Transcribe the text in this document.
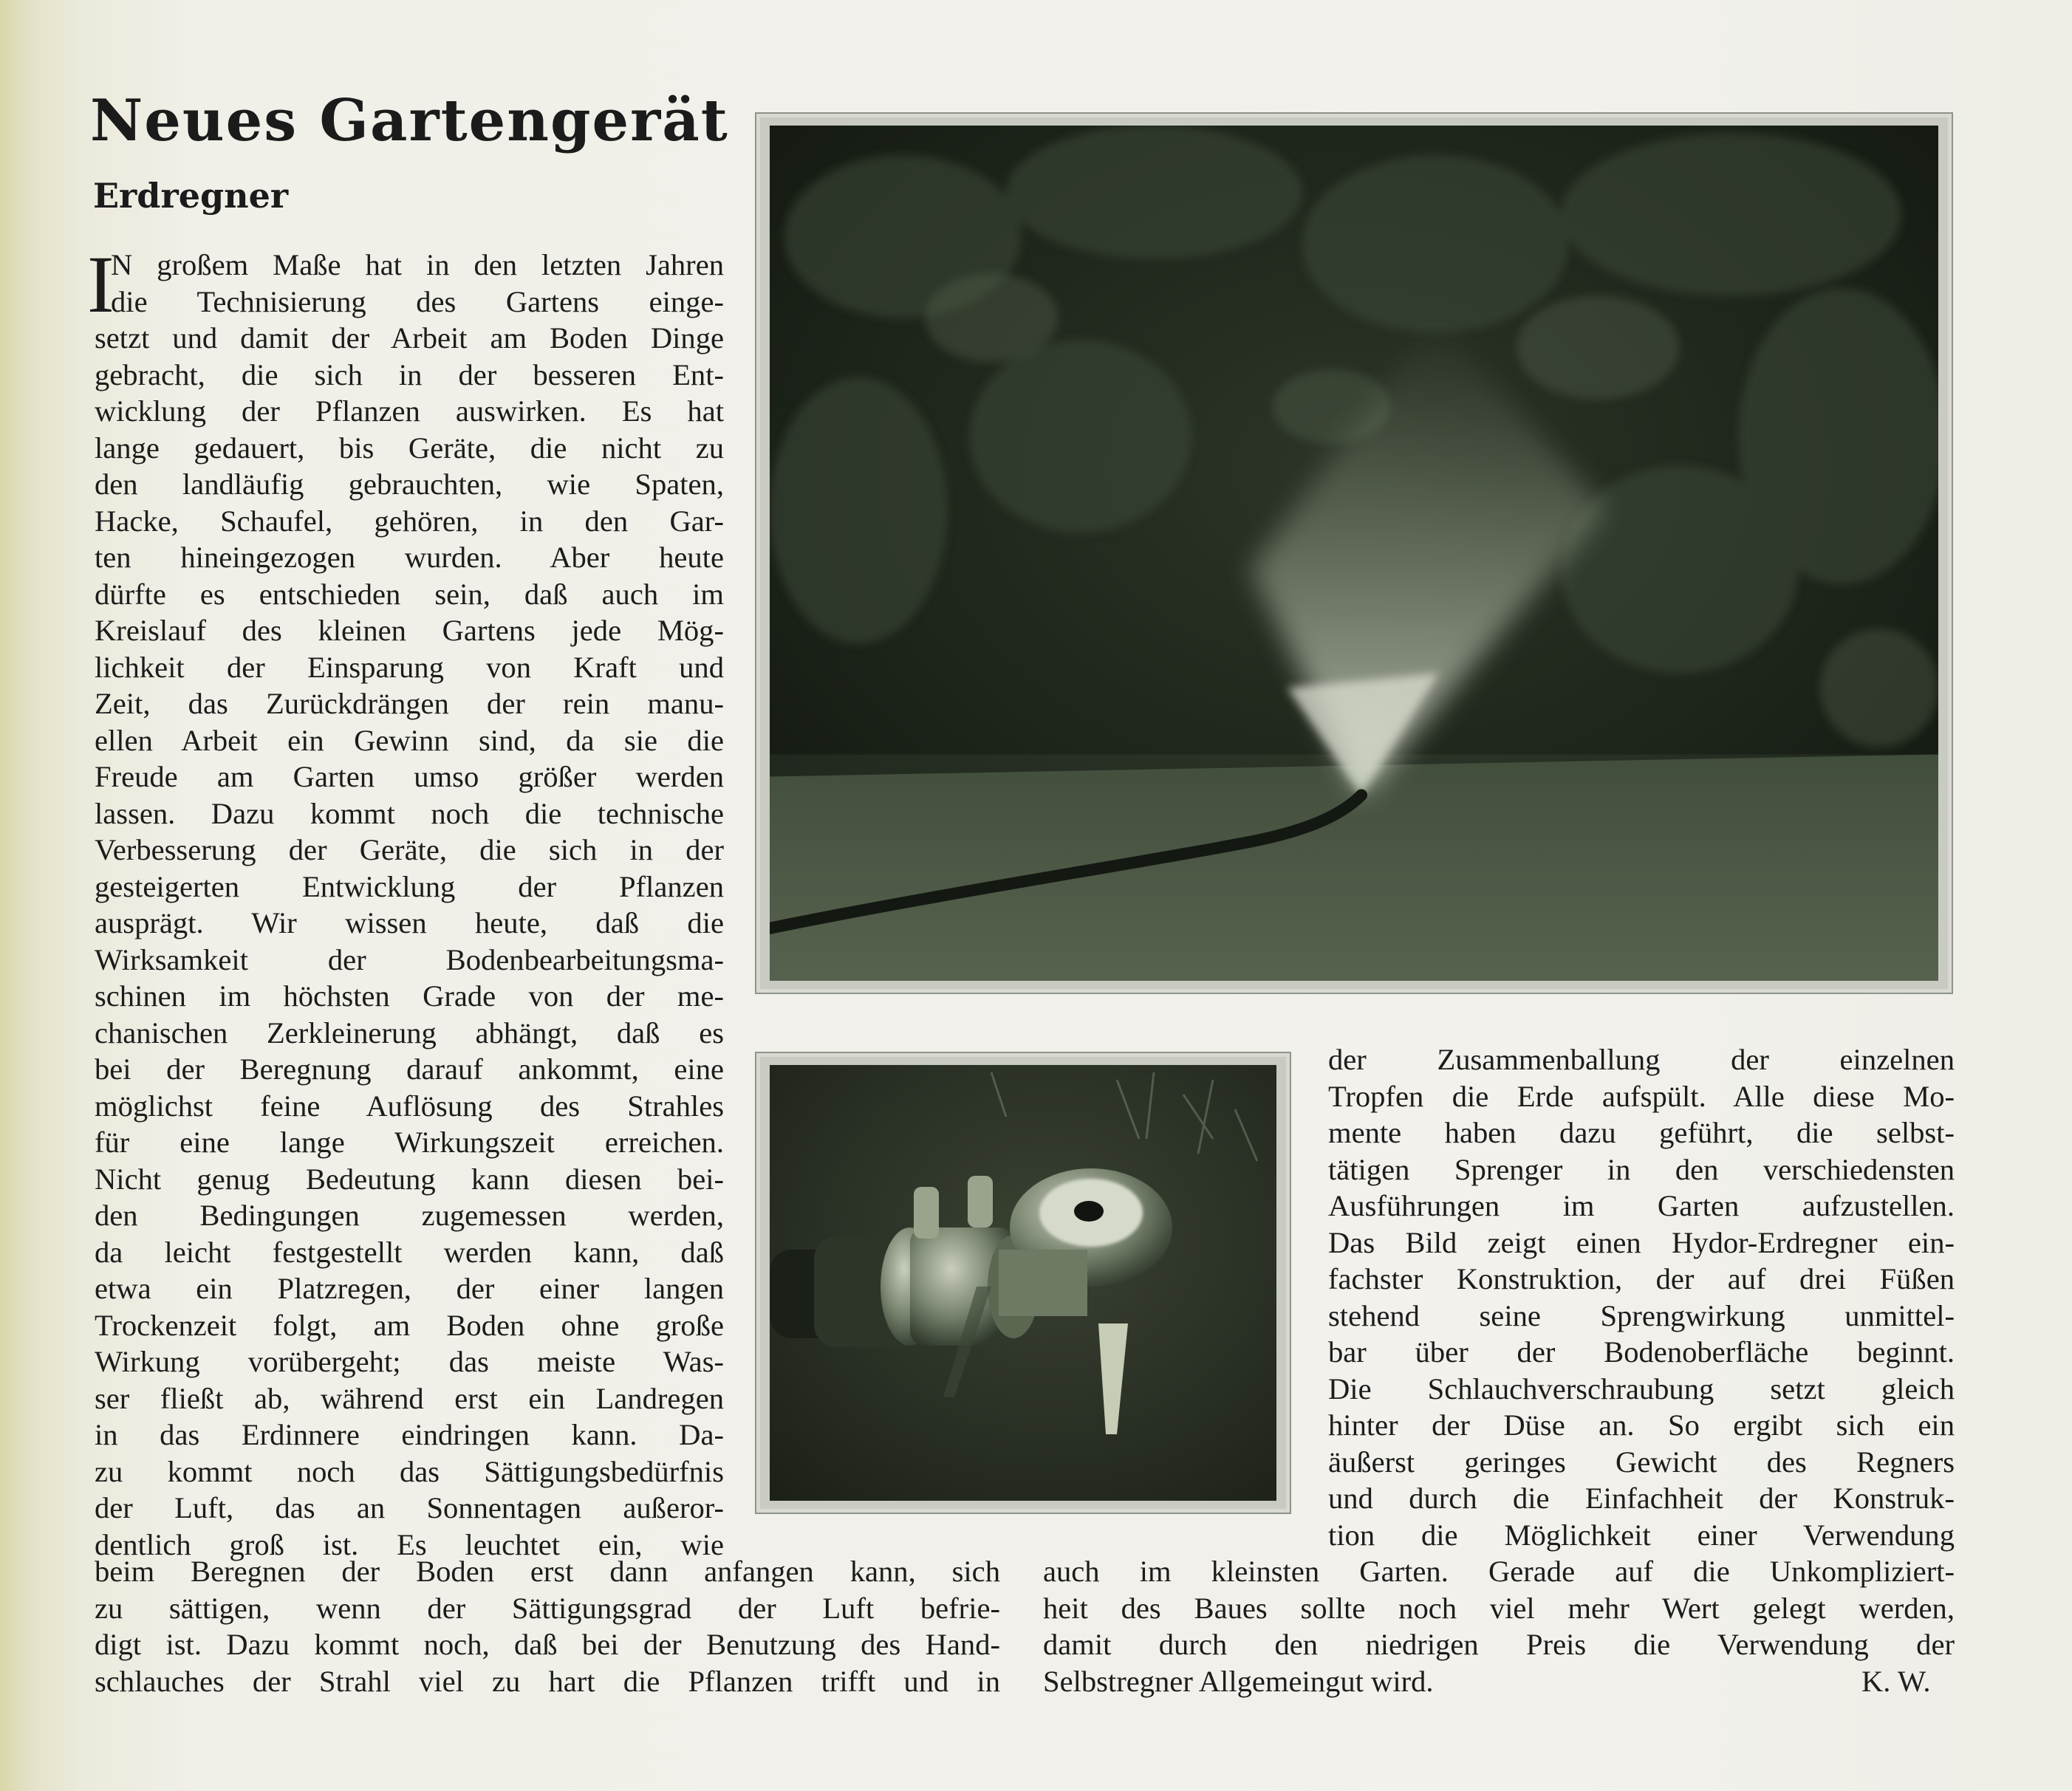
Neues Gartengerät
Erdregner
I
N großem Maße hat in den letzten Jahren
die Technisierung des Gartens einge-
setzt und damit der Arbeit am Boden Dinge
gebracht, die sich in der besseren Ent-
wicklung der Pflanzen auswirken. Es hat
lange gedauert, bis Geräte, die nicht zu
den landläufig gebrauchten, wie Spaten,
Hacke, Schaufel, gehören, in den Gar-
ten hineingezogen wurden. Aber heute
dürfte es entschieden sein, daß auch im
Kreislauf des kleinen Gartens jede Mög-
lichkeit der Einsparung von Kraft und
Zeit, das Zurückdrängen der rein manu-
ellen Arbeit ein Gewinn sind, da sie die
Freude am Garten umso größer werden
lassen. Dazu kommt noch die technische
Verbesserung der Geräte, die sich in der
gesteigerten Entwicklung der Pflanzen
ausprägt. Wir wissen heute, daß die
Wirksamkeit der Bodenbearbeitungsma-
schinen im höchsten Grade von der me-
chanischen Zerkleinerung abhängt, daß es
bei der Beregnung darauf ankommt, eine
möglichst feine Auflösung des Strahles
für eine lange Wirkungszeit erreichen.
Nicht genug Bedeutung kann diesen bei-
den Bedingungen zugemessen werden,
da leicht festgestellt werden kann, daß
etwa ein Platzregen, der einer langen
Trockenzeit folgt, am Boden ohne große
Wirkung vorübergeht; das meiste Was-
ser fließt ab, während erst ein Landregen
in das Erdinnere eindringen kann. Da-
zu kommt noch das Sättigungsbedürfnis
der Luft, das an Sonnentagen außeror-
dentlich groß ist. Es leuchtet ein, wie
der Zusammenballung der einzelnen
Tropfen die Erde aufspült. Alle diese Mo-
mente haben dazu geführt, die selbst-
tätigen Sprenger in den verschiedensten
Ausführungen im Garten aufzustellen.
Das Bild zeigt einen Hydor-Erdregner ein-
fachster Konstruktion, der auf drei Füßen
stehend seine Sprengwirkung unmittel-
bar über der Bodenoberfläche beginnt.
Die Schlauchverschraubung setzt gleich
hinter der Düse an. So ergibt sich ein
äußerst geringes Gewicht des Regners
und durch die Einfachheit der Konstruk-
tion die Möglichkeit einer Verwendung
beim Beregnen der Boden erst dann anfangen kann, sich
zu sättigen, wenn der Sättigungsgrad der Luft befrie-
digt ist. Dazu kommt noch, daß bei der Benutzung des Hand-
schlauches der Strahl viel zu hart die Pflanzen trifft und in
auch im kleinsten Garten. Gerade auf die Unkompliziert-
heit des Baues sollte noch viel mehr Wert gelegt werden,
damit durch den niedrigen Preis die Verwendung der
Selbstregner Allgemeingut wird.	K. W.
